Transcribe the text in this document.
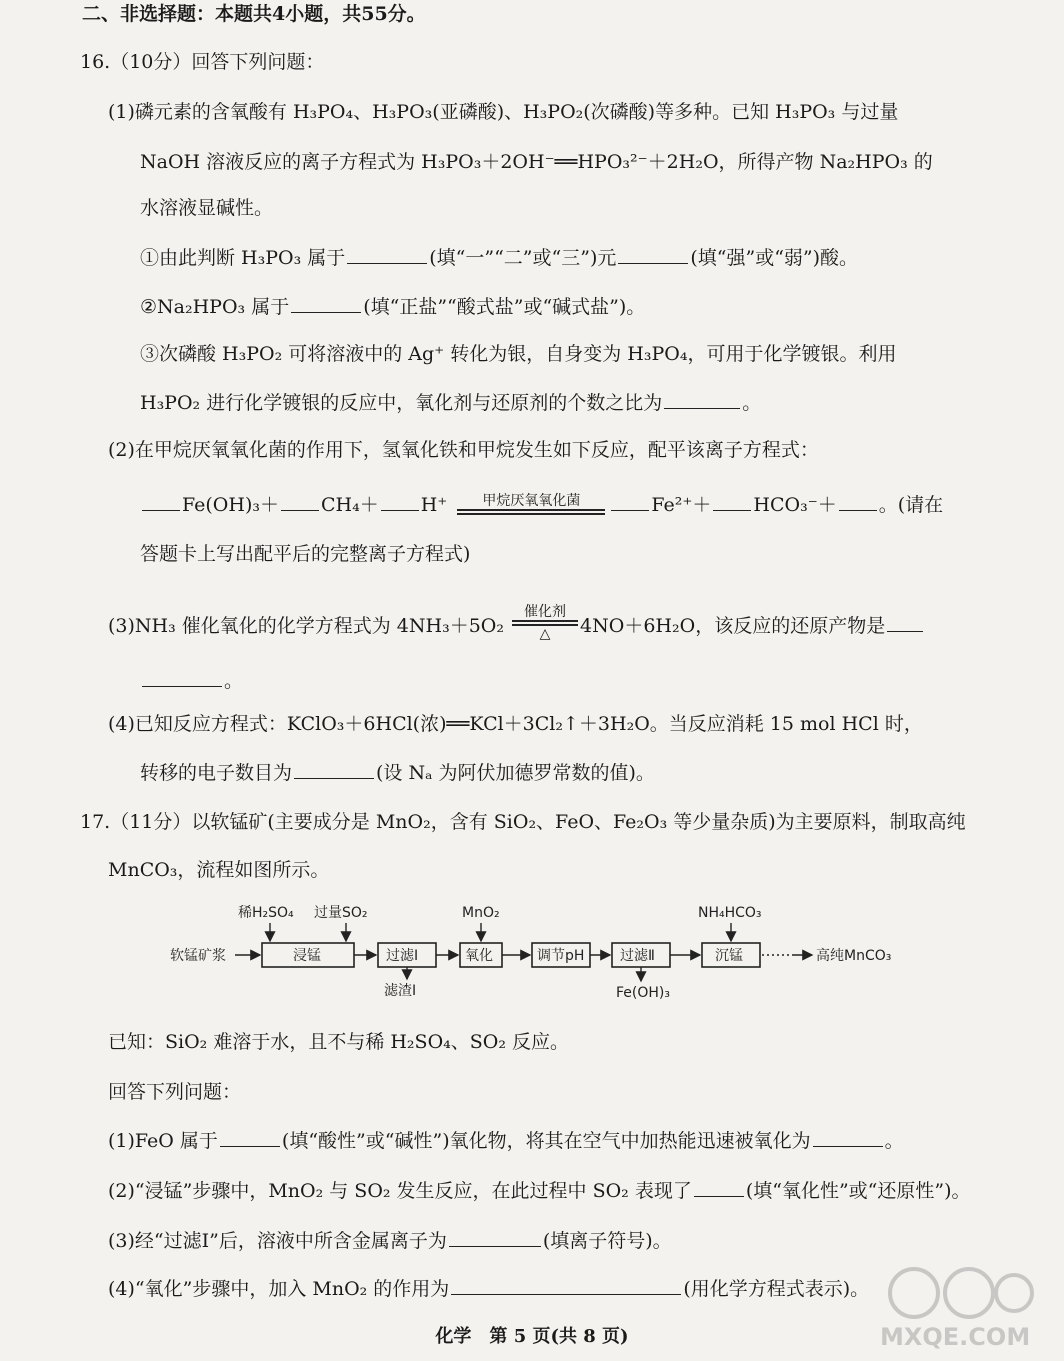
二、非选择题：本题共4小题，共55分。
16.（10分）回答下列问题：
(1)磷元素的含氧酸有 H₃PO₄、H₃PO₃(亚磷酸)、H₃PO₂(次磷酸)等多种。已知 H₃PO₃ 与过量
NaOH 溶液反应的离子方程式为 H₃PO₃＋2OH⁻══HPO₃²⁻＋2H₂O，所得产物 Na₂HPO₃ 的
水溶液显碱性。
①由此判断 H₃PO₃ 属于	(填“一”“二”或“三”)元	(填“强”或“弱”)酸。
②Na₂HPO₃ 属于	(填“正盐”“酸式盐”或“碱式盐”)。
③次磷酸 H₃PO₂ 可将溶液中的 Ag⁺ 转化为银，自身变为 H₃PO₄，可用于化学镀银。利用
H₃PO₂ 进行化学镀银的反应中，氧化剂与还原剂的个数之比为	。
(2)在甲烷厌氧氧化菌的作用下，氢氧化铁和甲烷发生如下反应，配平该离子方程式：
Fe(OH)₃＋ CH₄＋ H⁺	甲烷厌氧氧化菌	Fe²⁺＋ HCO₃⁻＋ 。(请在
答题卡上写出配平后的完整离子方程式)
(3)NH₃ 催化氧化的化学方程式为 4NH₃＋5O₂
催化剂
△	4NO＋6H₂O，该反应的还原产物是
。
(4)已知反应方程式：KClO₃＋6HCl(浓)══KCl＋3Cl₂↑＋3H₂O。当反应消耗 15 mol HCl 时，
转移的电子数目为	(设 Nₐ 为阿伏加德罗常数的值)。
17.（11分）以软锰矿(主要成分是 MnO₂，含有 SiO₂、FeO、Fe₂O₃ 等少量杂质)为主要原料，制取高纯
MnCO₃，流程如图所示。
软锰矿浆	浸锰
稀H₂SO₄ 过量SO₂
过滤Ⅰ
滤渣Ⅰ
氧化
MnO₂
调节pH	过滤Ⅱ
Fe(OH)₃
沉锰
NH₄HCO₃
高纯MnCO₃
已知：SiO₂ 难溶于水，且不与稀 H₂SO₄、SO₂ 反应。
回答下列问题：
(1)FeO 属于	(填“酸性”或“碱性”)氧化物，将其在空气中加热能迅速被氧化为	。
(2)“浸锰”步骤中，MnO₂ 与 SO₂ 发生反应，在此过程中 SO₂ 表现了	(填“氧化性”或“还原性”)。
(3)经“过滤Ⅰ”后，溶液中所含金属离子为	(填离子符号)。
(4)“氧化”步骤中，加入 MnO₂ 的作用为	(用化学方程式表示)。
化学　第 5 页(共 8 页)	MXQE.COM
